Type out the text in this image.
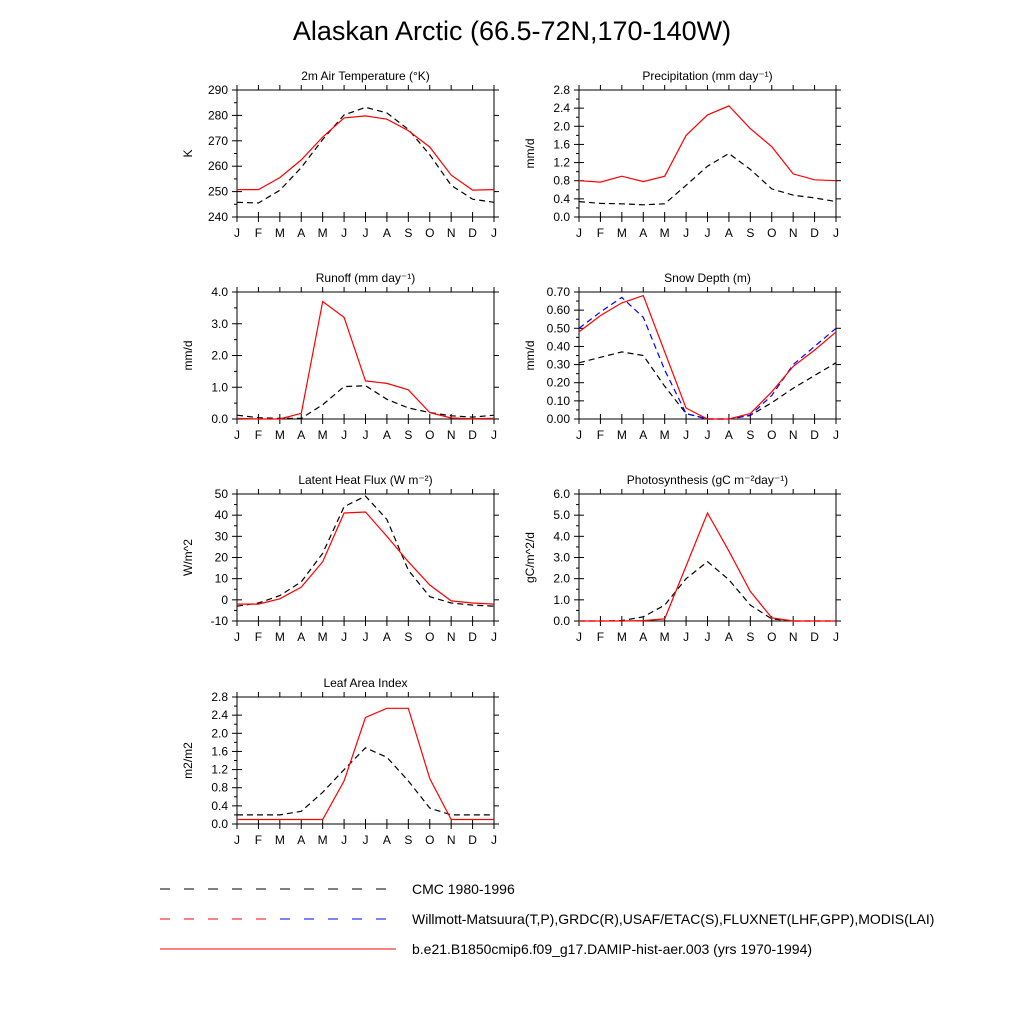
Alaskan Arctic (66.5-72N,170-140W)
J F M A M J J A S O N D J
240
250
260
270
280
290
2m Air Temperature (°K)
K
J F M A M J J A S O N D J
0.0
0.4
0.8
1.2
1.6
2.0
2.4
2.8
Precipitation (mm day⁻¹)
mm/d
J F M A M J J A S O N D J
0.0
1.0
2.0
3.0
4.0
Runoff (mm day⁻¹)
mm/d
J F M A M J J A S O N D J
0.00
0.10
0.20
0.30
0.40
0.50
0.60
0.70
Snow Depth (m)
mm/d
J F M A M J J A S O N D J
-10
0
10
20
30
40
50
Latent Heat Flux (W m⁻²)
W/m^2
J F M A M J J A S O N D J
0.0
1.0
2.0
3.0
4.0
5.0
6.0
Photosynthesis (gC m⁻²day⁻¹)
gC/m^2/d
J F M A M J J A S O N D J
0.0
0.4
0.8
1.2
1.6
2.0
2.4
2.8
Leaf Area Index
m2/m2
CMC 1980-1996
Willmott-Matsuura(T,P),GRDC(R),USAF/ETAC(S),FLUXNET(LHF,GPP),MODIS(LAI)
b.e21.B1850cmip6.f09_g17.DAMIP-hist-aer.003 (yrs 1970-1994)
